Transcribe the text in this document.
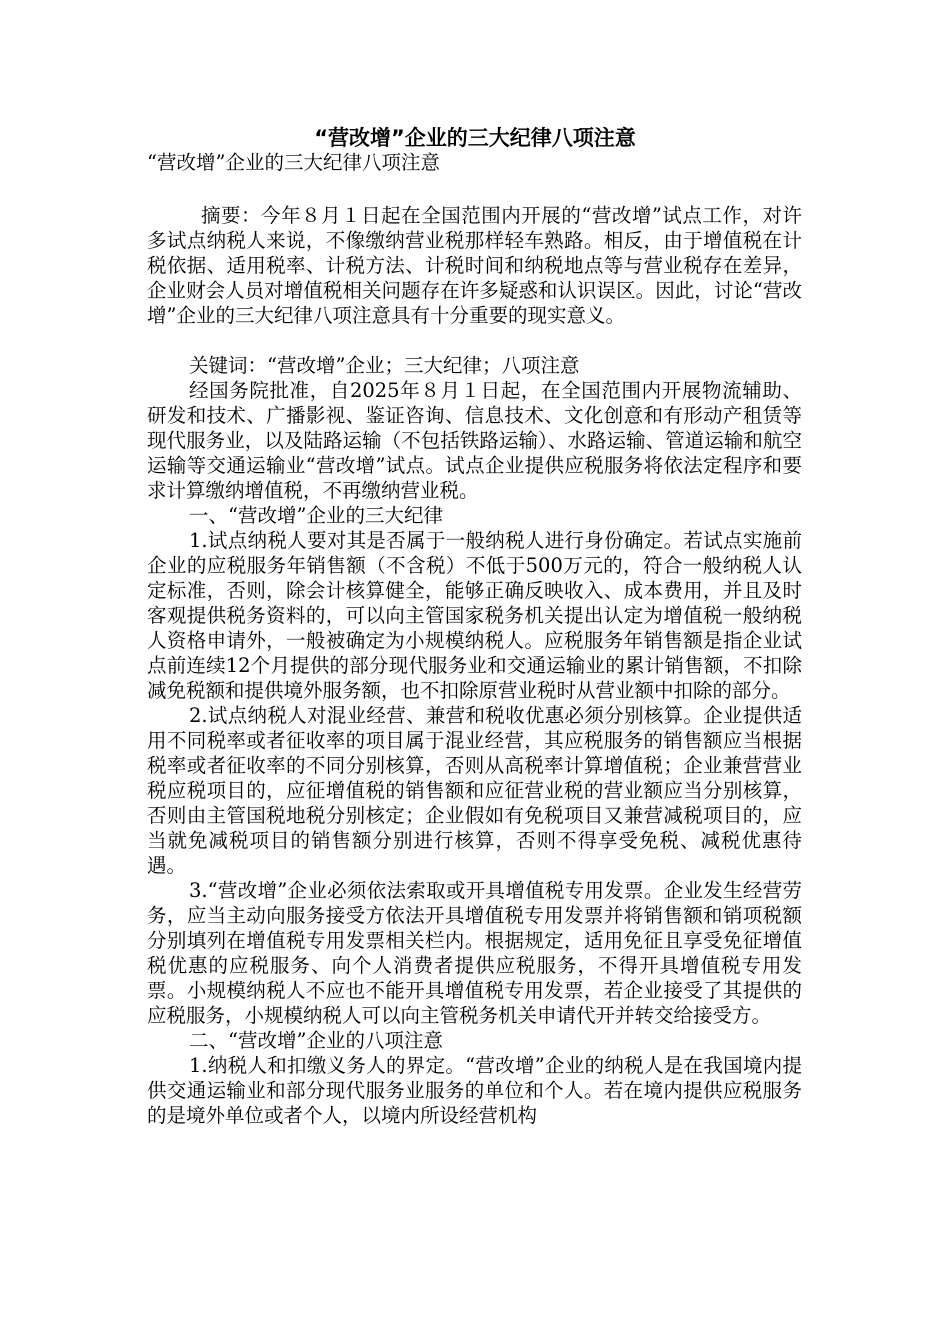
“营改增”企业的三大纪律八项注意

“营改增”企业的三大纪律八项注意

摘要：今年８月１日起在全国范围内开展的“营改增”试点工作，对许多试点纳税人来说，不像缴纳营业税那样轻车熟路。相反，由于增值税在计税依据、适用税率、计税方法、计税时间和纳税地点等与营业税存在差异，企业财会人员对增值税相关问题存在许多疑惑和认识误区。因此，讨论“营改增”企业的三大纪律八项注意具有十分重要的现实意义。

关键词：“营改增”企业；三大纪律；八项注意

经国务院批准，自2025年８月１日起，在全国范围内开展物流辅助、研发和技术、广播影视、鉴证咨询、信息技术、文化创意和有形动产租赁等现代服务业，以及陆路运输（不包括铁路运输）、水路运输、管道运输和航空运输等交通运输业“营改增”试点。试点企业提供应税服务将依法定程序和要求计算缴纳增值税，不再缴纳营业税。

一、“营改增”企业的三大纪律

1.试点纳税人要对其是否属于一般纳税人进行身份确定。若试点实施前企业的应税服务年销售额（不含税）不低于500万元的，符合一般纳税人认定标准，否则，除会计核算健全，能够正确反映收入、成本费用，并且及时客观提供税务资料的，可以向主管国家税务机关提出认定为增值税一般纳税人资格申请外，一般被确定为小规模纳税人。应税服务年销售额是指企业试点前连续12个月提供的部分现代服务业和交通运输业的累计销售额，不扣除减免税额和提供境外服务额，也不扣除原营业税时从营业额中扣除的部分。

2.试点纳税人对混业经营、兼营和税收优惠必须分别核算。企业提供适用不同税率或者征收率的项目属于混业经营，其应税服务的销售额应当根据税率或者征收率的不同分别核算，否则从高税率计算增值税；企业兼营营业税应税项目的，应征增值税的销售额和应征营业税的营业额应当分别核算，否则由主管国税地税分别核定；企业假如有免税项目又兼营减税项目的，应当就免减税项目的销售额分别进行核算，否则不得享受免税、减税优惠待遇。

3.“营改增”企业必须依法索取或开具增值税专用发票。企业发生经营劳务，应当主动向服务接受方依法开具增值税专用发票并将销售额和销项税额分别填列在增值税专用发票相关栏内。根据规定，适用免征且享受免征增值税优惠的应税服务、向个人消费者提供应税服务，不得开具增值税专用发票。小规模纳税人不应也不能开具增值税专用发票，若企业接受了其提供的应税服务，小规模纳税人可以向主管税务机关申请代开并转交给接受方。

二、“营改增”企业的八项注意

1.纳税人和扣缴义务人的界定。“营改增”企业的纳税人是在我国境内提供交通运输业和部分现代服务业服务的单位和个人。若在境内提供应税服务的是境外单位或者个人，以境内所设经营机构
